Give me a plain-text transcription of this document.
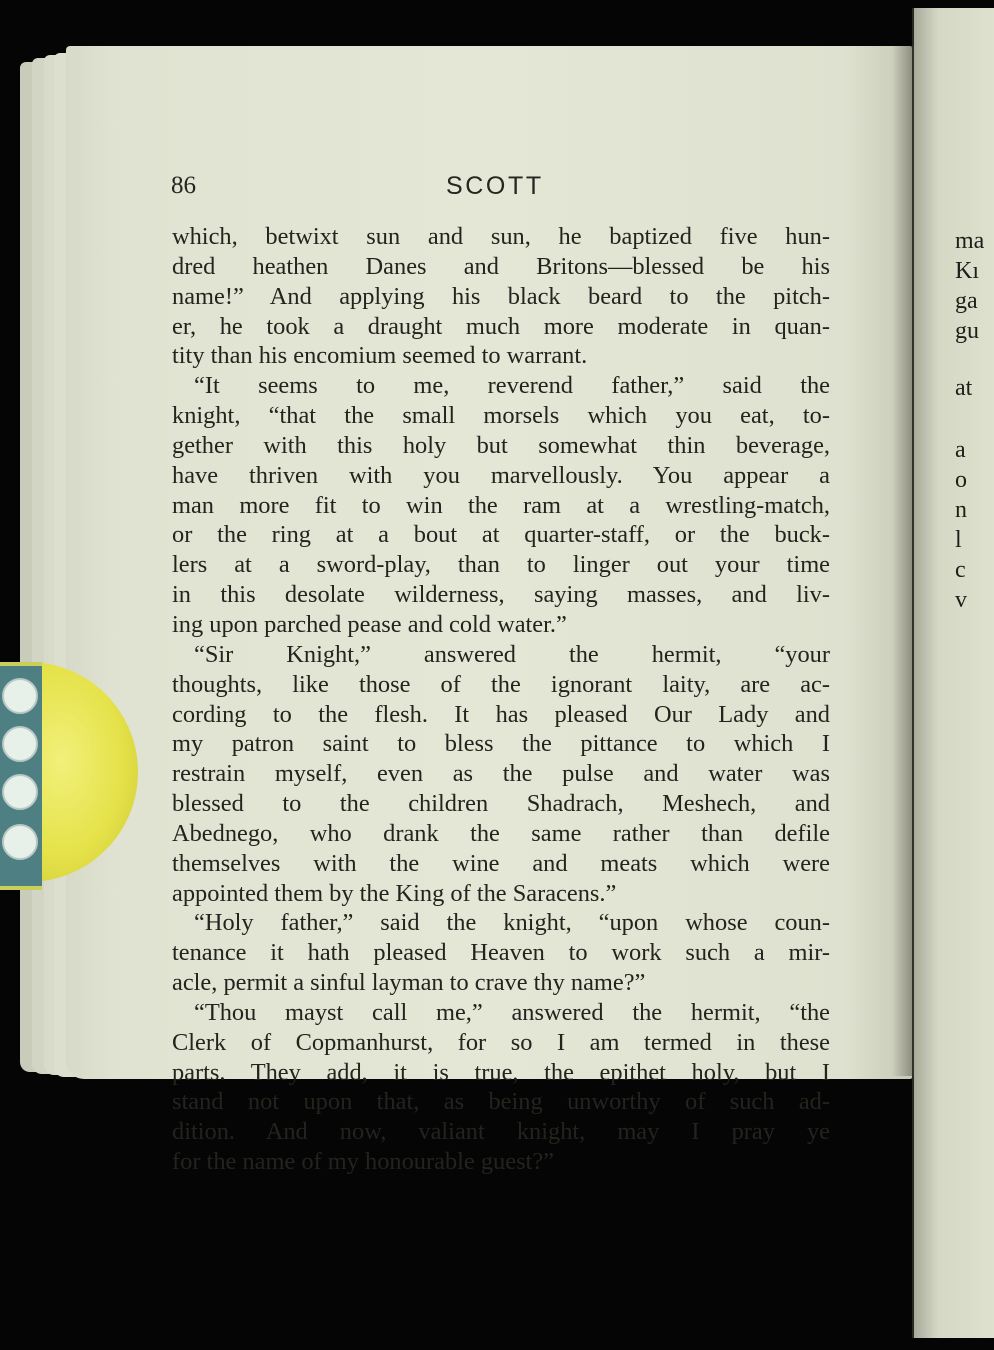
ma
Kı
ga
gu
at
a
o
n
l
c
v
86	SCOTT
which, betwixt sun and sun, he baptized five hun-
dred heathen Danes and Britons—blessed be his
name!” And applying his black beard to the pitch-
er, he took a draught much more moderate in quan-
tity than his encomium seemed to warrant.
“It seems to me, reverend father,” said the
knight, “that the small morsels which you eat, to-
gether with this holy but somewhat thin beverage,
have thriven with you marvellously. You appear a
man more fit to win the ram at a wrestling-match,
or the ring at a bout at quarter-staff, or the buck-
lers at a sword-play, than to linger out your time
in this desolate wilderness, saying masses, and liv-
ing upon parched pease and cold water.”
“Sir Knight,” answered the hermit, “your
thoughts, like those of the ignorant laity, are ac-
cording to the flesh. It has pleased Our Lady and
my patron saint to bless the pittance to which I
restrain myself, even as the pulse and water was
blessed to the children Shadrach, Meshech, and
Abednego, who drank the same rather than defile
themselves with the wine and meats which were
appointed them by the King of the Saracens.”
“Holy father,” said the knight, “upon whose coun-
tenance it hath pleased Heaven to work such a mir-
acle, permit a sinful layman to crave thy name?”
“Thou mayst call me,” answered the hermit, “the
Clerk of Copmanhurst, for so I am termed in these
parts. They add, it is true, the epithet holy, but I
stand not upon that, as being unworthy of such ad-
dition. And now, valiant knight, may I pray ye
for the name of my honourable guest?”
